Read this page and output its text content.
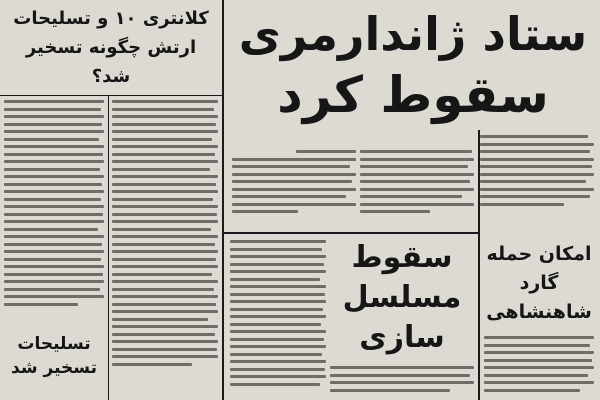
ستاد ژاندارمری
سقوط کرد
کلانتری ۱۰ و تسلیحات ارتش چگونه تسخیر شد؟
تسلیحات
تسخیر شد
سقوط
مسلسل
سازی
امکان حمله گارد شاهنشاهی
